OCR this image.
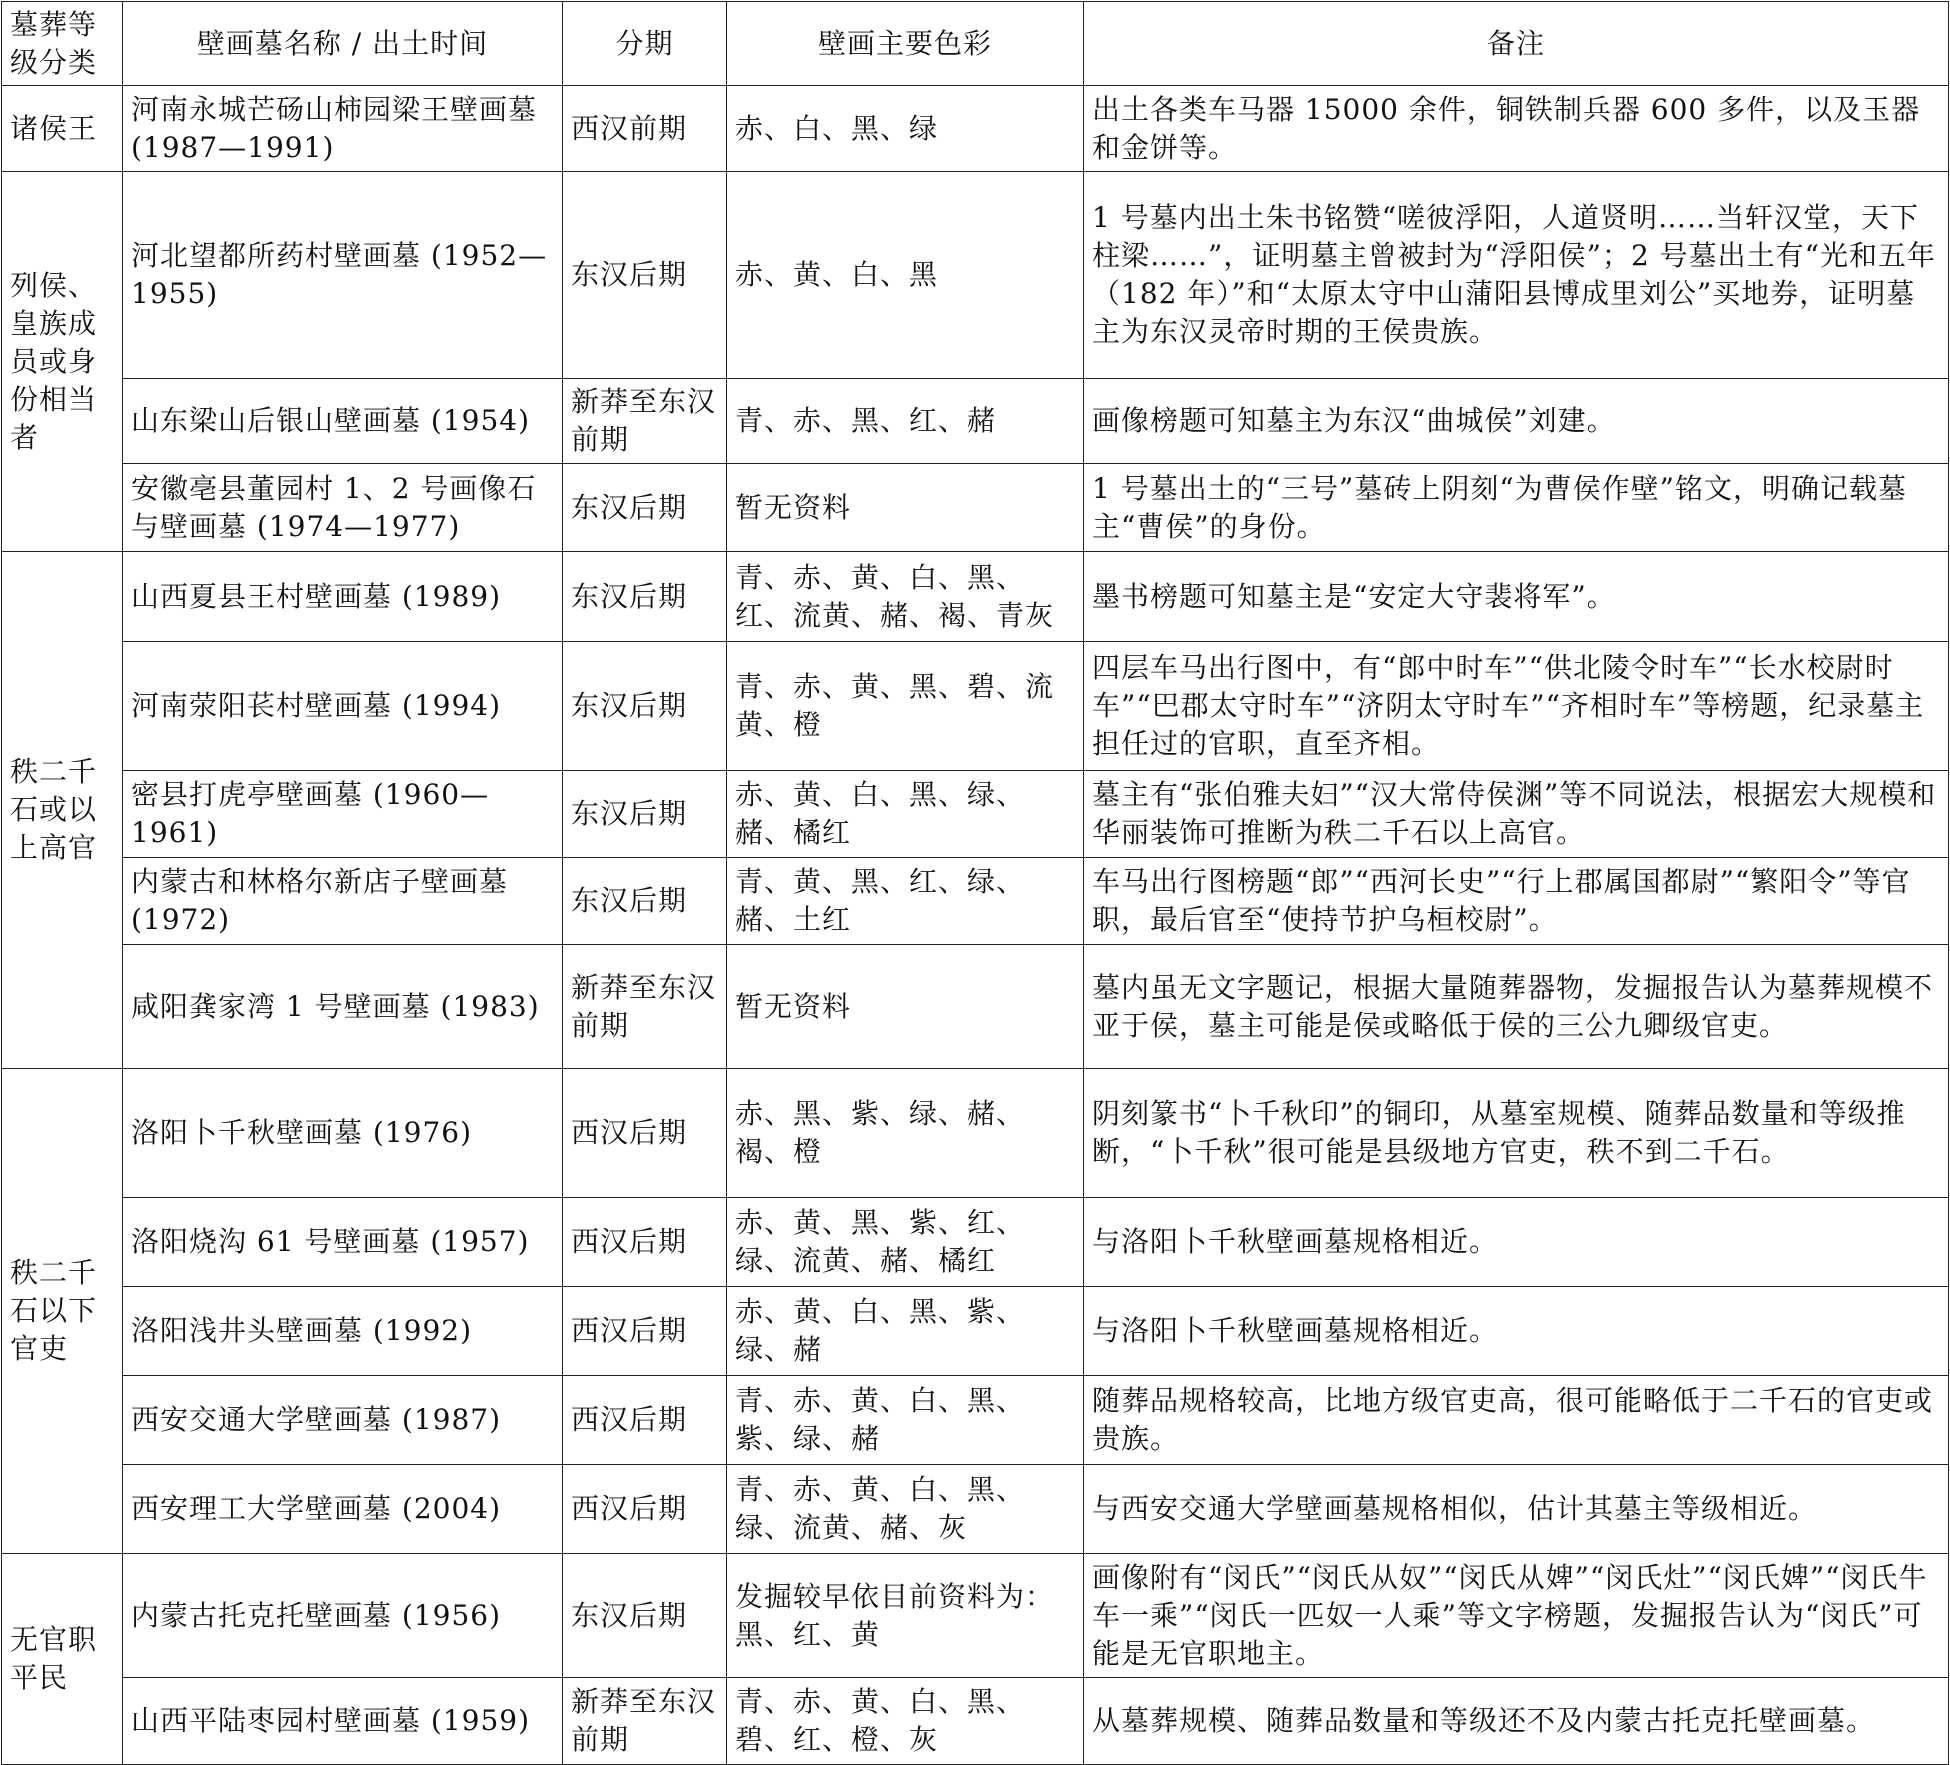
墓葬等级分类	壁画墓名称 / 出土时间	分期	壁画主要色彩	备注
诸侯王	河南永城芒砀山柿园梁王壁画墓 (1987—1991)	西汉前期	赤、白、黑、绿	出土各类车马器 15000 余件，铜铁制兵器 600 多件，以及玉器和金饼等。
列侯、皇族成员或身份相当者	河北望都所药村壁画墓 (1952—1955)	东汉后期	赤、黄、白、黑	1 号墓内出土朱书铭赞“嗟彼浮阳，人道贤明……当轩汉堂，天下柱梁……”，证明墓主曾被封为“浮阳侯”；2 号墓出土有“光和五年（182 年）”和“太原太守中山蒲阳县博成里刘公”买地券，证明墓主为东汉灵帝时期的王侯贵族。
	山东梁山后银山壁画墓 (1954)	新莽至东汉前期	青、赤、黑、红、赭	画像榜题可知墓主为东汉“曲城侯”刘建。
	安徽亳县董园村 1、2 号画像石与壁画墓 (1974—1977)	东汉后期	暂无资料	1 号墓出土的“三号”墓砖上阴刻“为曹侯作壁”铭文，明确记载墓主“曹侯”的身份。
秩二千石或以上高官	山西夏县王村壁画墓 (1989)	东汉后期	青、赤、黄、白、黑、红、流黄、赭、褐、青灰	墨书榜题可知墓主是“安定大守裴将军”。
	河南荥阳苌村壁画墓 (1994)	东汉后期	青、赤、黄、黑、碧、流黄、橙	四层车马出行图中，有“郎中时车”“供北陵令时车”“长水校尉时车”“巴郡太守时车”“济阴太守时车”“齐相时车”等榜题，纪录墓主担任过的官职，直至齐相。
	密县打虎亭壁画墓 (1960—1961)	东汉后期	赤、黄、白、黑、绿、赭、橘红	墓主有“张伯雅夫妇”“汉大常侍侯渊”等不同说法，根据宏大规模和华丽装饰可推断为秩二千石以上高官。
	内蒙古和林格尔新店子壁画墓 (1972)	东汉后期	青、黄、黑、红、绿、赭、土红	车马出行图榜题“郎”“西河长史”“行上郡属国都尉”“繁阳令”等官职，最后官至“使持节护乌桓校尉”。
	咸阳龚家湾 1 号壁画墓 (1983)	新莽至东汉前期	暂无资料	墓内虽无文字题记，根据大量随葬器物，发掘报告认为墓葬规模不亚于侯，墓主可能是侯或略低于侯的三公九卿级官吏。
秩二千石以下官吏	洛阳卜千秋壁画墓 (1976)	西汉后期	赤、黑、紫、绿、赭、褐、橙	阴刻篆书“卜千秋印”的铜印，从墓室规模、随葬品数量和等级推断，“卜千秋”很可能是县级地方官吏，秩不到二千石。
	洛阳烧沟 61 号壁画墓 (1957)	西汉后期	赤、黄、黑、紫、红、绿、流黄、赭、橘红	与洛阳卜千秋壁画墓规格相近。
	洛阳浅井头壁画墓 (1992)	西汉后期	赤、黄、白、黑、紫、绿、赭	与洛阳卜千秋壁画墓规格相近。
	西安交通大学壁画墓 (1987)	西汉后期	青、赤、黄、白、黑、紫、绿、赭	随葬品规格较高，比地方级官吏高，很可能略低于二千石的官吏或贵族。
	西安理工大学壁画墓 (2004)	西汉后期	青、赤、黄、白、黑、绿、流黄、赭、灰	与西安交通大学壁画墓规格相似，估计其墓主等级相近。
无官职平民	内蒙古托克托壁画墓 (1956)	东汉后期	发掘较早依目前资料为：黑、红、黄	画像附有“闵氏”“闵氏从奴”“闵氏从婢”“闵氏灶”“闵氏婢”“闵氏牛车一乘”“闵氏一匹奴一人乘”等文字榜题，发掘报告认为“闵氏”可能是无官职地主。
	山西平陆枣园村壁画墓 (1959)	新莽至东汉前期	青、赤、黄、白、黑、碧、红、橙、灰	从墓葬规模、随葬品数量和等级还不及内蒙古托克托壁画墓。
